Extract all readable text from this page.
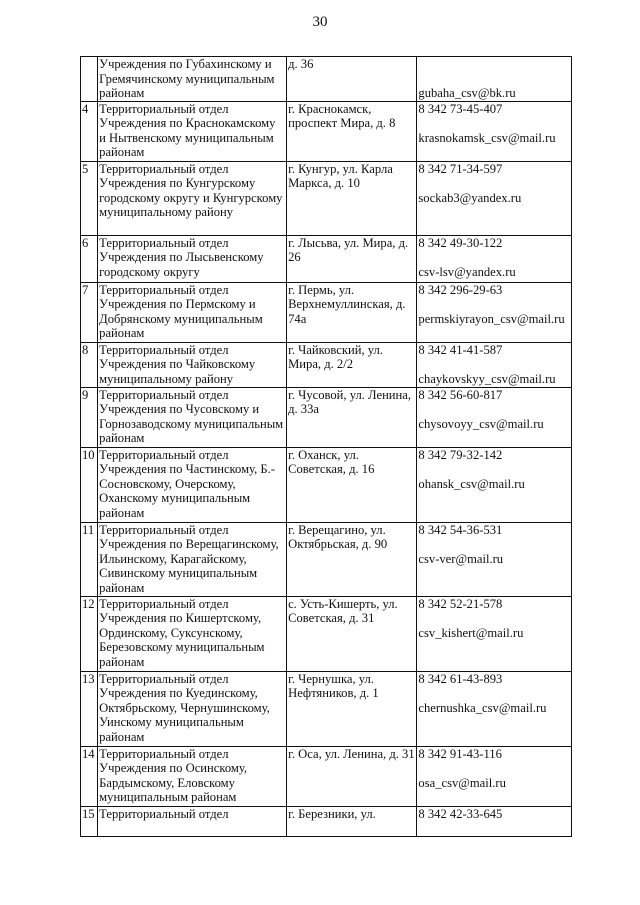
30
	Учреждения по Губахинскому и Гремячинскому муниципальным районам	д. 36	gubaha_csv@bk.ru

4	Территориальный отдел Учреждения по Краснокамскому и Нытвенскому муниципальным районам	г. Краснокамск, проспект Мира, д. 8	8 342 73-45-407
krasnokamsk_csv@mail.ru

5	Территориальный отдел Учреждения по Кунгурскому городскому округу и Кунгурскому муниципальному району	г. Кунгур, ул. Карла Маркса, д. 10	8 342 71-34-597
sockab3@yandex.ru

6	Территориальный отдел Учреждения по Лысьвенскому городскому округу	г. Лысьва, ул. Мира, д. 26	8 342 49-30-122
csv-lsv@yandex.ru

7	Территориальный отдел Учреждения по Пермскому и Добрянскому муниципальным районам	г. Пермь, ул. Верхнемуллинская, д. 74а	8 342 296-29-63
permskiyrayon_csv@mail.ru

8	Территориальный отдел Учреждения по Чайковскому муниципальному району	г. Чайковский, ул. Мира, д. 2/2	8 342 41-41-587
chaykovskyy_csv@mail.ru

9	Территориальный отдел Учреждения по Чусовскому и Горнозаводскому муниципальным районам	г. Чусовой, ул. Ленина, д. 33а	8 342 56-60-817
chysovoyy_csv@mail.ru

10	Территориальный отдел Учреждения по Частинскому, Б.-Сосновскому, Очерскому, Оханскому муниципальным районам	г. Оханск, ул. Советская, д. 16	8 342 79-32-142
ohansk_csv@mail.ru

11	Территориальный отдел Учреждения по Верещагинскому, Ильинскому, Карагайскому, Сивинскому муниципальным районам	г. Верещагино, ул. Октябрьская, д. 90	8 342 54-36-531
csv-ver@mail.ru

12	Территориальный отдел Учреждения по Кишертскому, Ординскому, Суксунскому, Березовскому муниципальным районам	с. Усть-Кишерть, ул. Советская, д. 31	8 342 52-21-578
csv_kishert@mail.ru

13	Территориальный отдел Учреждения по Куединскому, Октябрьскому, Чернушинскому, Уинскому муниципальным районам	г. Чернушка, ул. Нефтяников, д. 1	8 342 61-43-893
chernushka_csv@mail.ru

14	Территориальный отдел Учреждения по Осинскому, Бардымскому, Еловскому муниципальным районам	г. Оса, ул. Ленина, д. 31	8 342 91-43-116
osa_csv@mail.ru

15	Территориальный отдел	г. Березники, ул.	8 342 42-33-645
